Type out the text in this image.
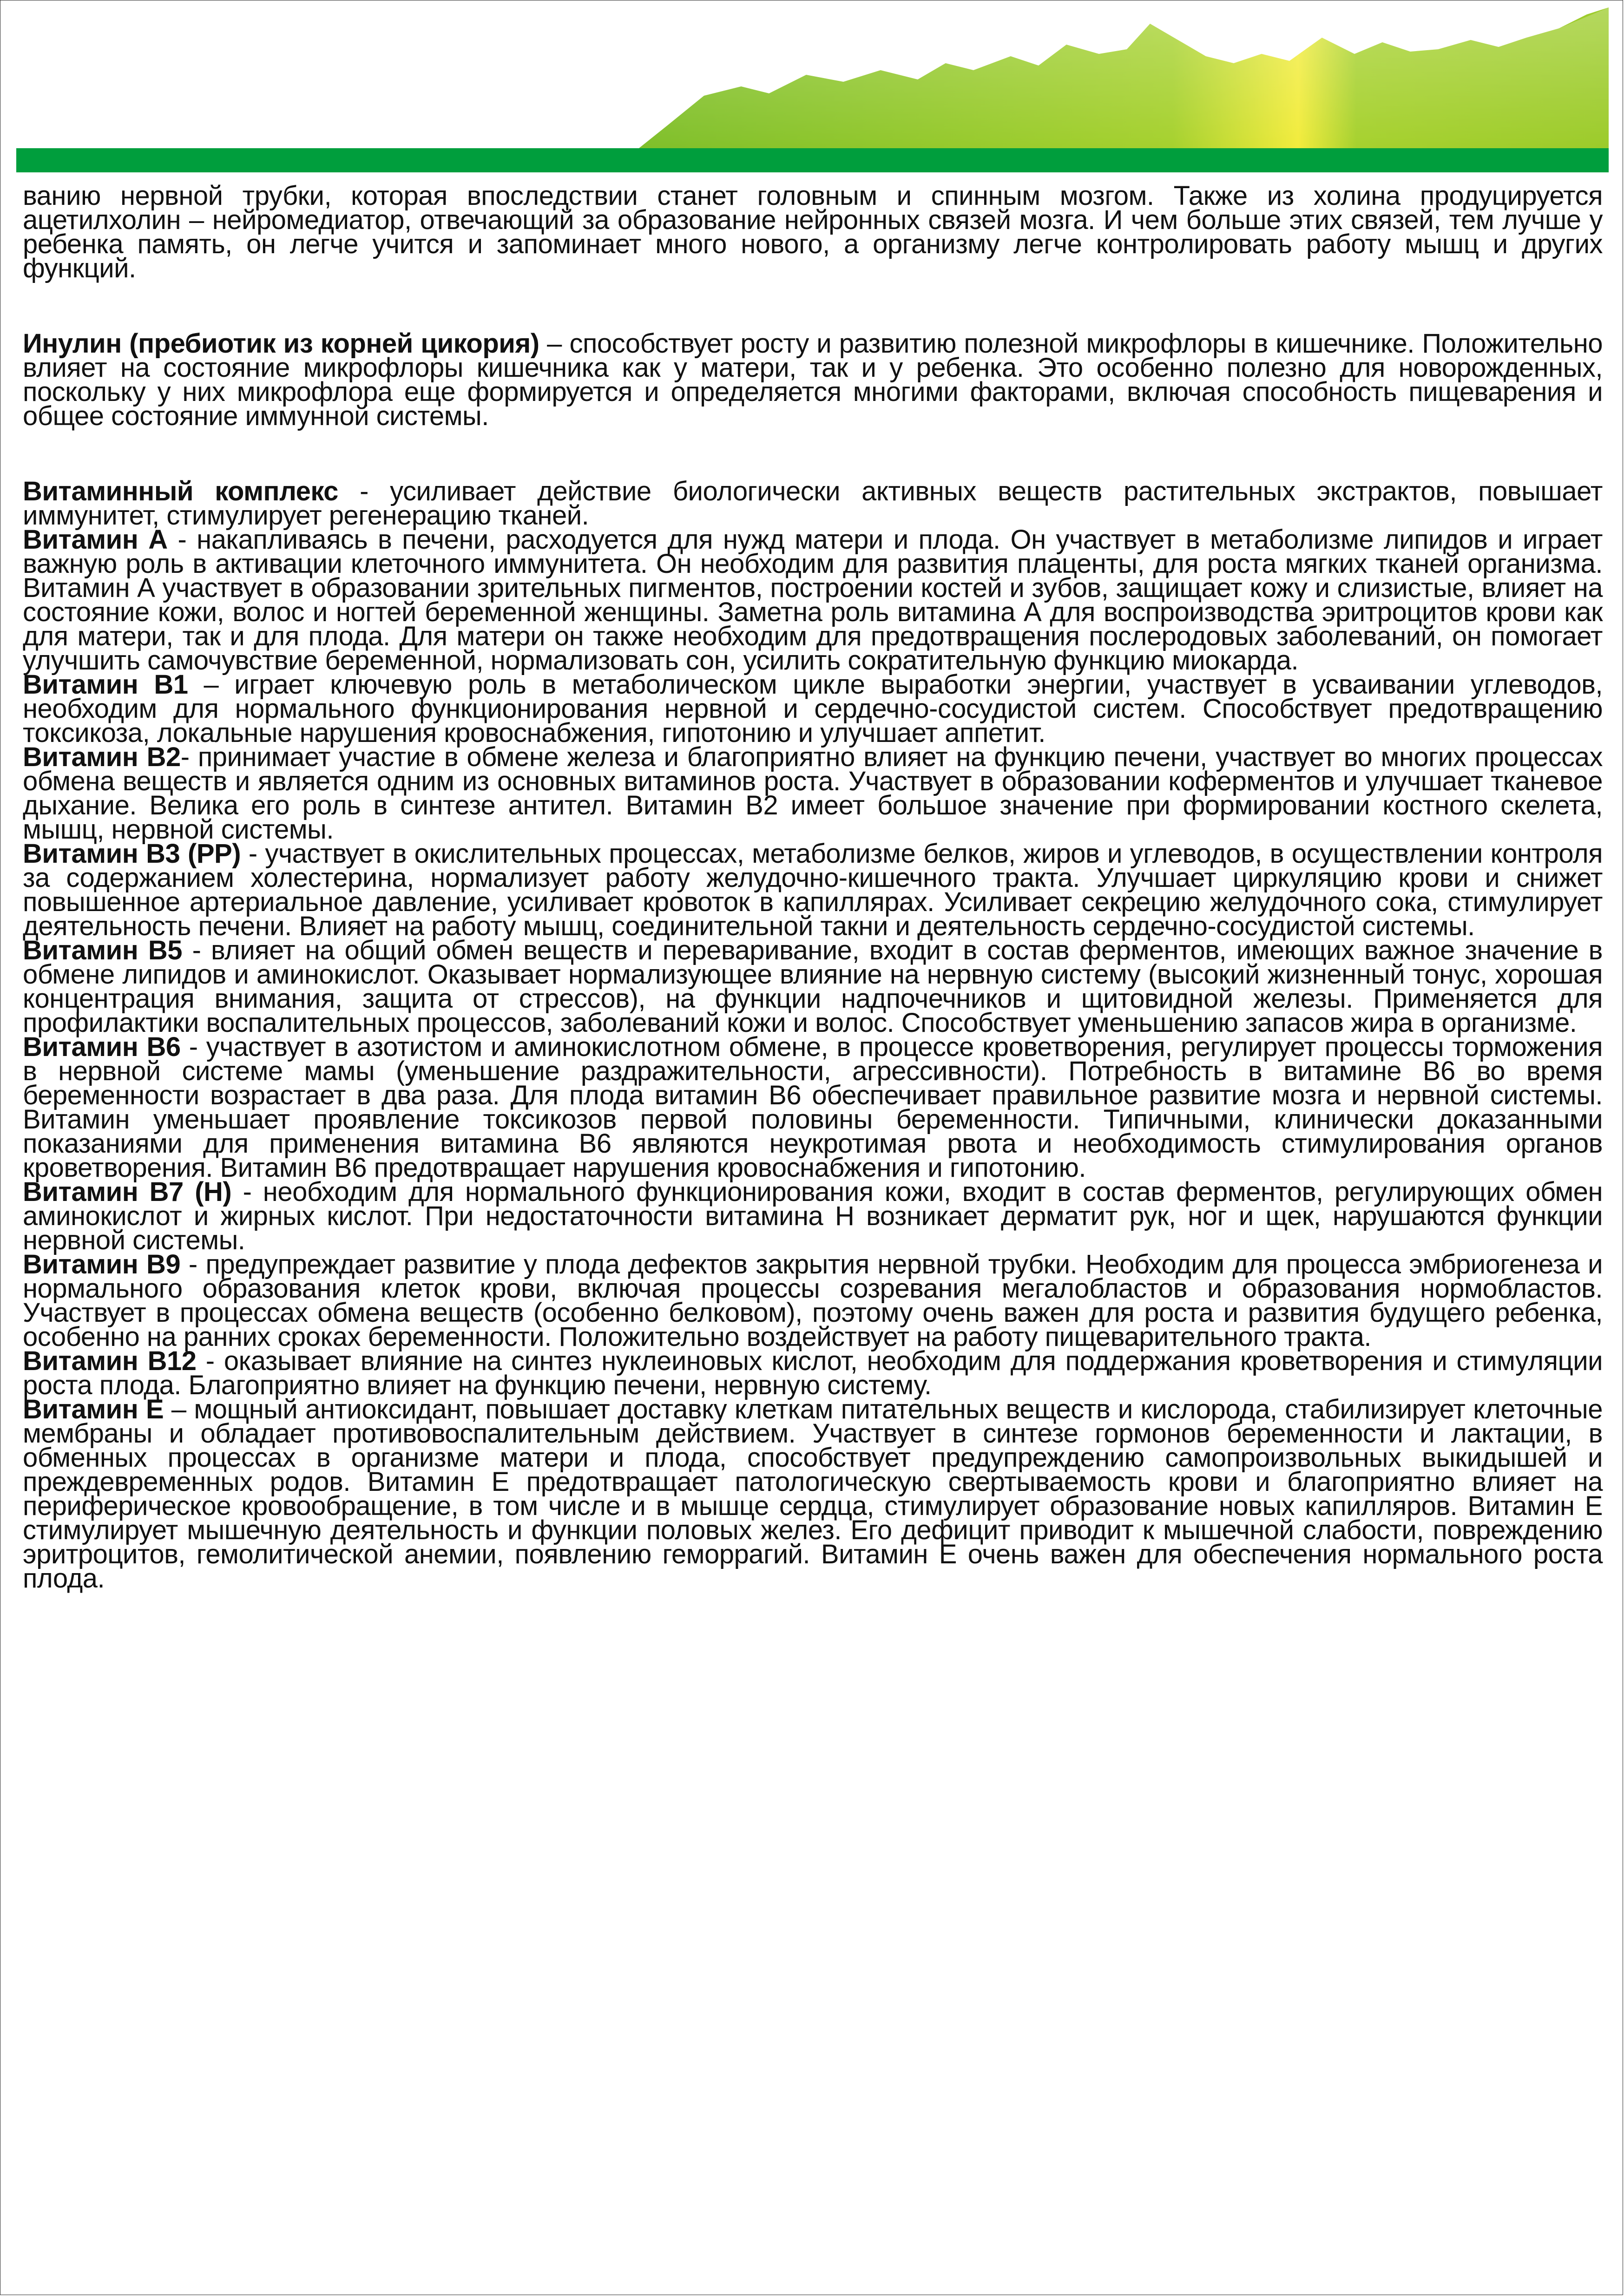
ванию нервной трубки, которая впоследствии станет головным и спинным мозгом. Также из холина продуцируется ацетилхолин – нейромедиатор, отвечающий за образование нейронных связей мозга. И чем больше этих связей, тем лучше у ребенка память, он легче учится и запоминает много нового, а организму легче контролировать работу мышц и других функций.

Инулин (пребиотик из корней цикория) – способствует росту и развитию полезной микрофлоры в кишечнике. Положительно влияет на состояние микрофлоры кишечника как у матери, так и у ребенка. Это особенно полезно для новорожденных, поскольку у них микрофлора еще формируется и определяется многими факторами, включая способность пищеварения и общее состояние иммунной системы.

Витаминный комплекс - усиливает действие биологически активных веществ растительных экстрактов, повышает иммунитет, стимулирует регенерацию тканей.

Витамин А - накапливаясь в печени, расходуется для нужд матери и плода. Он участвует в метаболизме липидов и играет важную роль в активации клеточного иммунитета. Он необходим для развития плаценты, для роста мягких тканей организма. Витамин А участвует в образовании зрительных пигментов, построении костей и зубов, защищает кожу и слизистые, влияет на состояние кожи, волос и ногтей беременной женщины. Заметна роль витамина А для воспроизводства эритроцитов крови как для матери, так и для плода. Для матери он также необходим для предотвращения послеродовых заболеваний, он помогает улучшить самочувствие беременной, нормализовать сон, усилить сократительную функцию миокарда.

Витамин В1 – играет ключевую роль в метаболическом цикле выработки энергии, участвует в усваивании углеводов, необходим для нормального функционирования нервной и сердечно-сосудистой систем. Способствует предотвращению токсикоза, локальные нарушения кровоснабжения, гипотонию и улучшает аппетит.

Витамин В2- принимает участие в обмене железа и благоприятно влияет на функцию печени, участвует во многих процессах обмена веществ и является одним из основных витаминов роста. Участвует в образовании коферментов и улучшает тканевое дыхание. Велика его роль в синтезе антител. Витамин В2 имеет большое значение при формировании костного скелета, мышц, нервной системы.

Витамин В3 (РР) - участвует в окислительных процессах, метаболизме белков, жиров и углеводов, в осуществлении контроля за содержанием холестерина, нормализует работу желудочно-кишечного тракта. Улучшает циркуляцию крови и снижет повышенное артериальное давление, усиливает кровоток в капиллярах. Усиливает секрецию желудочного сока, стимулирует деятельность печени. Влияет на работу мышц, соединительной такни и деятельность сердечно-сосудистой системы.

Витамин В5 - влияет на общий обмен веществ и переваривание, входит в состав ферментов, имеющих важное значение в обмене липидов и аминокислот. Оказывает нормализующее влияние на нервную систему (высокий жизненный тонус, хорошая концентрация внимания, защита от стрессов), на функции надпочечников и щитовидной железы. Применяется для профилактики воспалительных процессов, заболеваний кожи и волос. Способствует уменьшению запасов жира в организме.

Витамин В6 - участвует в азотистом и аминокислотном обмене, в процессе кроветворения, регулирует процессы торможения в нервной системе мамы (уменьшение раздражительности, агрессивности). Потребность в витамине В6 во время беременности возрастает в два раза. Для плода витамин В6 обеспечивает правильное развитие мозга и нервной системы. Витамин уменьшает проявление токсикозов первой половины беременности. Типичными, клинически доказанными показаниями для применения витамина В6 являются неукротимая рвота и необходимость стимулирования органов кроветворения. Витамин В6 предотвращает нарушения кровоснабжения и гипотонию.

Витамин В7 (Н) - необходим для нормального функционирования кожи, входит в состав ферментов, регулирующих обмен аминокислот и жирных кислот. При недостаточности витамина Н возникает дерматит рук, ног и щек, нарушаются функции нервной системы.

Витамин В9 - предупреждает развитие у плода дефектов закрытия нервной трубки. Необходим для процесса эмбриогенеза и нормального образования клеток крови, включая процессы созревания мегалобластов и образования нормобластов. Участвует в процессах обмена веществ (особенно белковом), поэтому очень важен для роста и развития будущего ребенка, особенно на ранних сроках беременности. Положительно воздействует на работу пищеварительного тракта.

Витамин В12 - оказывает влияние на синтез нуклеиновых кислот, необходим для поддержания кроветворения и стимуляции роста плода. Благоприятно влияет на функцию печени, нервную систему.

Витамин Е – мощный антиоксидант, повышает доставку клеткам питательных веществ и кислорода, стабилизирует клеточные мембраны и обладает противовоспалительным действием. Участвует в синтезе гормонов беременности и лактации, в обменных процессах в организме матери и плода, способствует предупреждению самопроизвольных выкидышей и преждевременных родов. Витамин Е предотвращает патологическую свертываемость крови и благоприятно влияет на периферическое кровообращение, в том числе и в мышце сердца, стимулирует образование новых капилляров. Витамин Е стимулирует мышечную деятельность и функции половых желез. Его дефицит приводит к мышечной слабости, повреждению эритроцитов, гемолитической анемии, появлению геморрагий. Витамин Е очень важен для обеспечения нормального роста плода.
